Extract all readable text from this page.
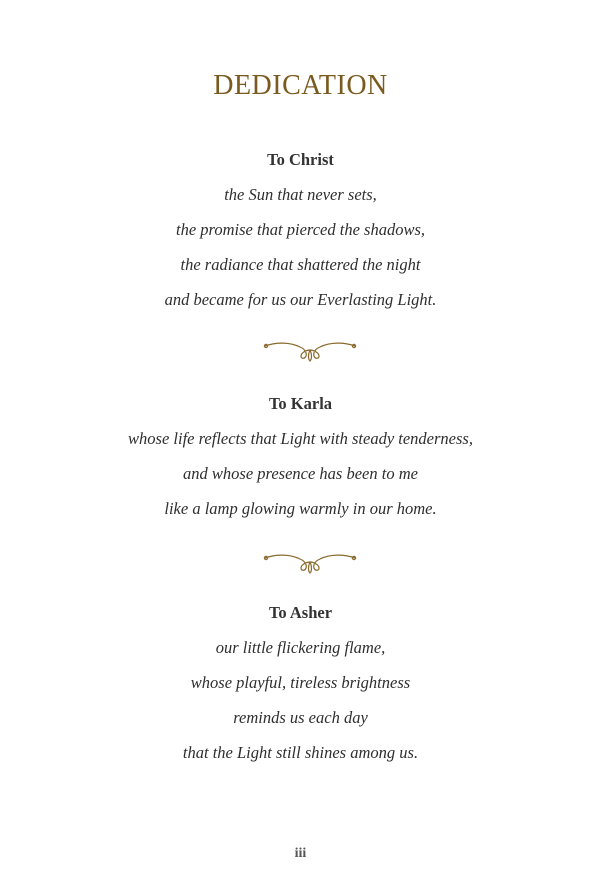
DEDICATION
To Christ
the Sun that never sets,
the promise that pierced the shadows,
the radiance that shattered the night
and became for us our Everlasting Light.
To Karla
whose life reflects that Light with steady tenderness,
and whose presence has been to me
like a lamp glowing warmly in our home.
To Asher
our little flickering flame,
whose playful, tireless brightness
reminds us each day
that the Light still shines among us.
iii
